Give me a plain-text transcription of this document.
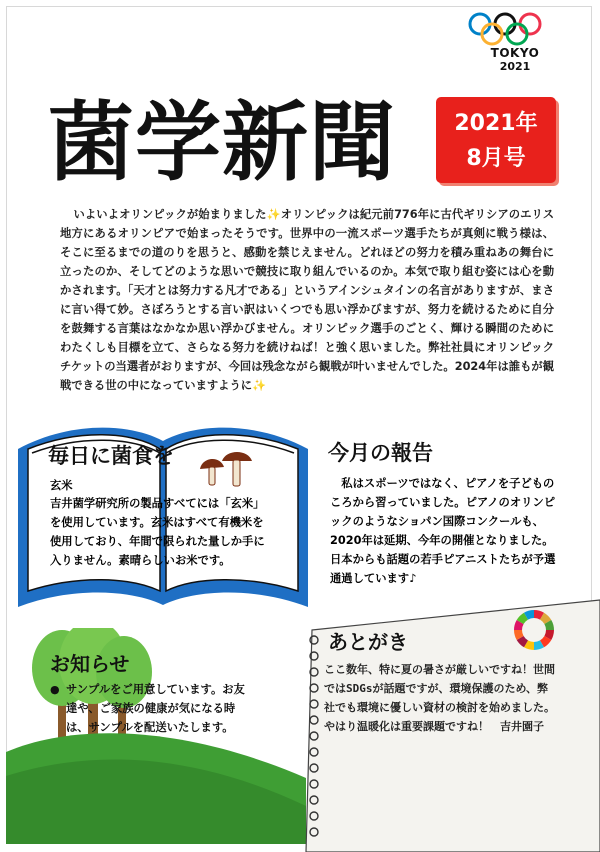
TOKYO
2021
菌学新聞	2021年
8月号
いよいよオリンピックが始まりました✨オリンピックは紀元前776年に古代ギリシアのエリス地方にあるオリンピアで始まったそうです。世界中の一流スポーツ選手たちが真剣に戦う様は、そこに至るまでの道のりを思うと、感動を禁じえません。どれほどの努力を積み重ねあの舞台に立ったのか、そしてどのような思いで競技に取り組んでいるのか。本気で取り組む姿には心を動かされます。「天才とは努力する凡才である」というアインシュタインの名言がありますが、まさに言い得て妙。さぼろうとする言い訳はいくつでも思い浮かびますが、努力を続けるために自分を鼓舞する言葉はなかなか思い浮かびません。オリンピック選手のごとく、輝ける瞬間のためにわたくしも目標を立て、さらなる努力を続けねば！と強く思いました。弊社社員にオリンピックチケットの当選者がおりますが、今回は残念ながら観戦が叶いませんでした。2024年は誰もが観戦できる世の中になっていますように✨
毎日に菌食を
玄米
吉井菌学研究所の製品すべてには「玄米」を使用しています。玄米はすべて有機米を使用しており、年間で限られた量しか手に入りません。素晴らしいお米です。
今月の報告
私はスポーツではなく、ピアノを子どものころから習っていました。ピアノのオリンピックのようなショパン国際コンクールも、2020年は延期、今年の開催となりました。日本からも話題の若手ピアニストたちが予選通過しています♪
お知らせ
● サンプルをご用意しています。お友達や、ご家族の健康が気になる時は、サンプルを配送いたします。
あとがき
ここ数年、特に夏の暑さが厳しいですね！世間ではSDGsが話題ですが、環境保護のため、弊社でも環境に優しい資材の検討を始めました。やはり温暖化は重要課題ですね！　吉井園子
